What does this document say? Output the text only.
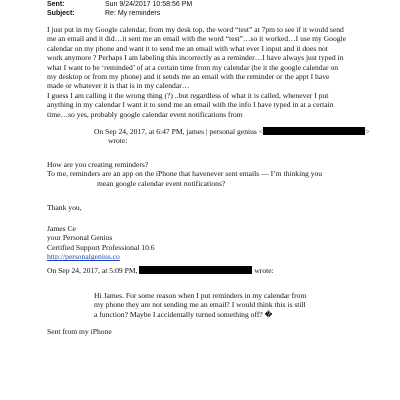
Sent:	Sun 9/24/2017 10:58:56 PM
Subject:	Re: My reminders
I just put in my Google calendar, from my desk top, the word “test” at 7pm to see if it would send
me an email and it did…it sent me an email with the word “test”…so it worked…I use my Google
calendar on my phone and want it to send me an email with what ever I input and it does not
work anymore ? Perhaps I am labeling this incorrectly as a reminder…I have always just typed in
what I want to be ‘reminded’ of at a certain time from my calendar (be it the google calendar on
my desktop or from my phone) and it sends me an email with the reminder or the appt I have
made or whatever it is that is in my calendar…
I guess I am calling it the wrong thing (?) ..but regardless of what it is called, whenever I put
anything in my calendar I want it to send me an email with the info I have typed in at a certain
time…so yes, probably google calendar event notifications from
On Sep 24, 2017, at 6:47 PM, james | personal genius <	>
wrote:
How are you creating reminders?
To me, reminders are an app on the iPhone that havenever sent emails — I’m thinking you
mean google calendar event notifications?
Thank you,
James Ce
your Personal Genius
Certified Support Professional 10.6
http://personalgenius.co
On Sep 24, 2017, at 5:09 PM,	wrote:
Hi James. For some reason when I put reminders in my calendar from
my phone they are not sending me an email? I would think this is still
a function? Maybe I accidentally turned something off? �
Sent from my iPhone
